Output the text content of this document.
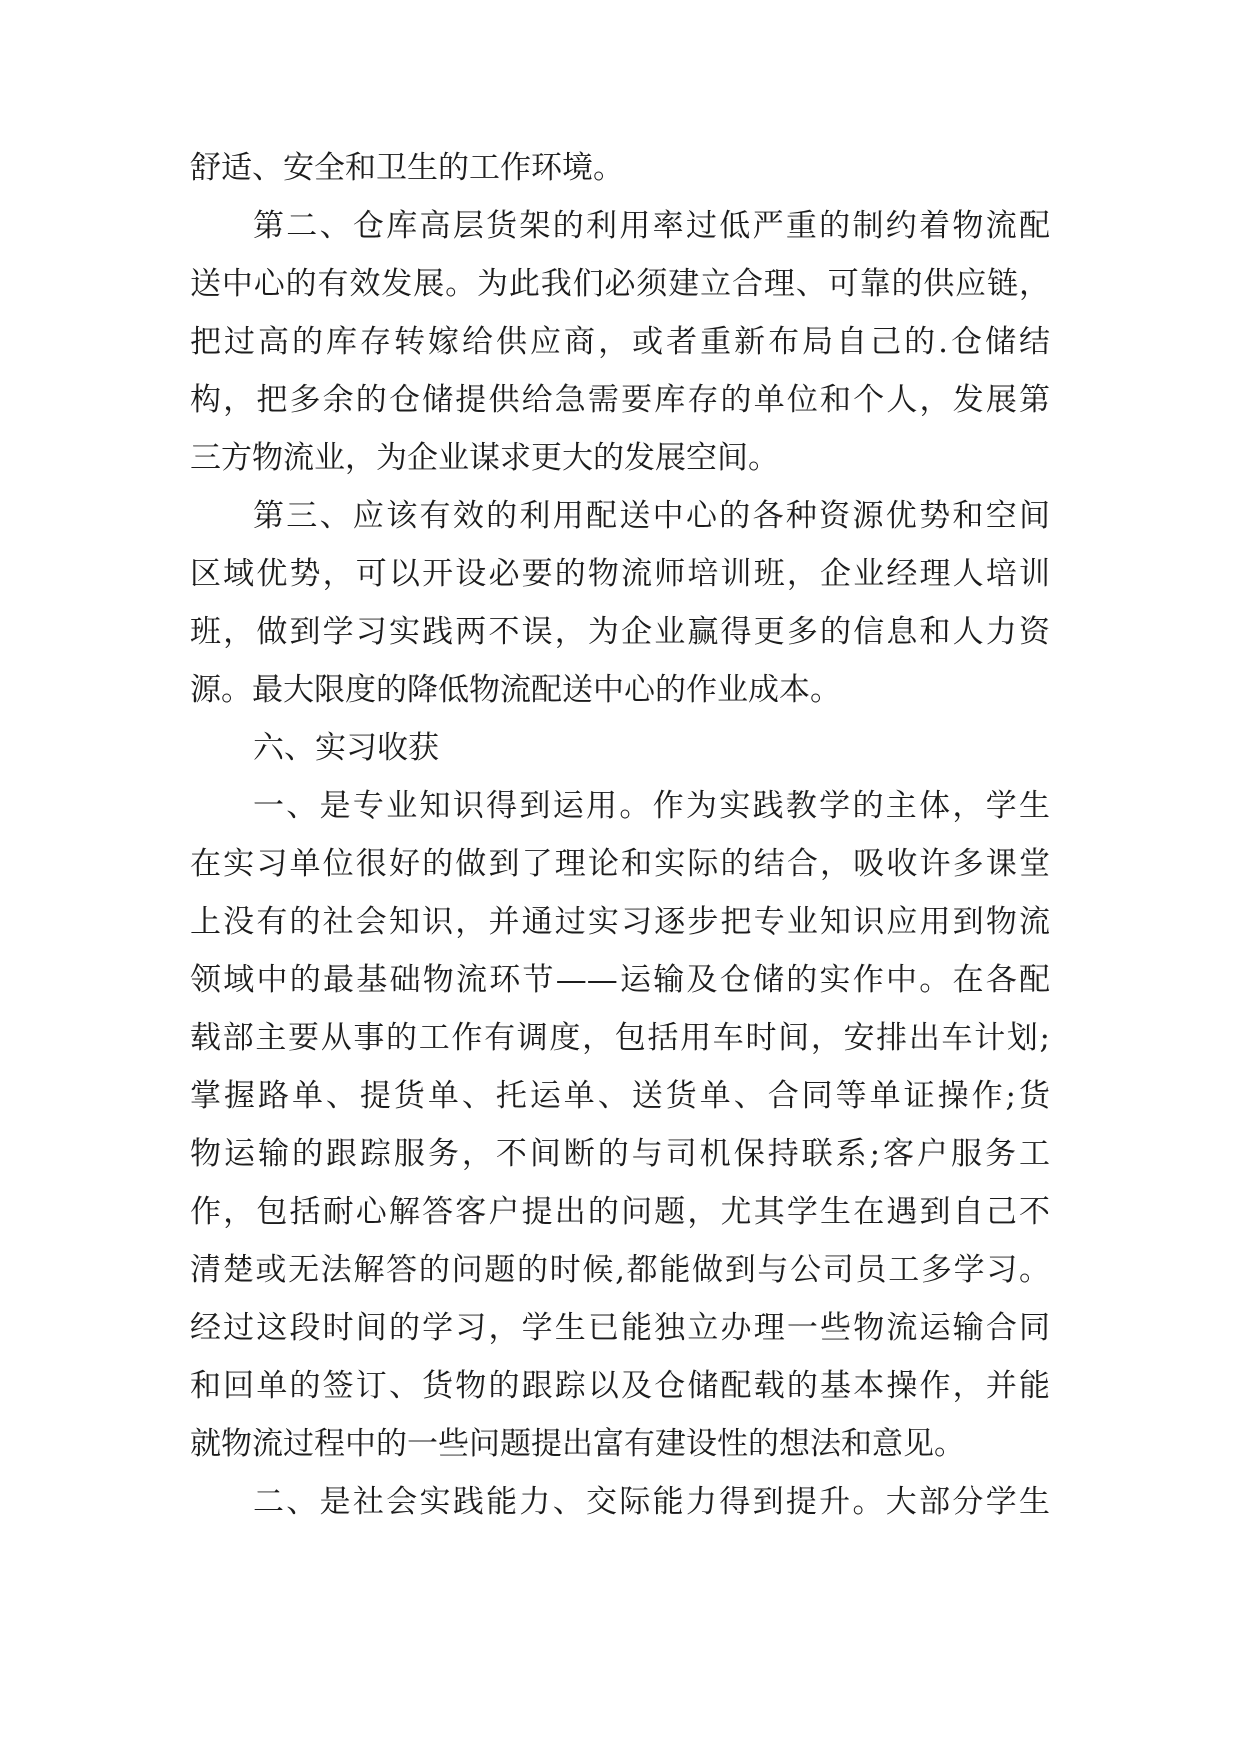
舒适、安全和卫生的工作环境。
第二、仓库高层货架的利用率过低严重的制约着物流配
送中心的有效发展。为此我们必须建立合理、可靠的供应链，
把过高的库存转嫁给供应商，或者重新布局自己的.仓储结
构，把多余的仓储提供给急需要库存的单位和个人，发展第
三方物流业，为企业谋求更大的发展空间。
第三、应该有效的利用配送中心的各种资源优势和空间
区域优势，可以开设必要的物流师培训班，企业经理人培训
班，做到学习实践两不误，为企业赢得更多的信息和人力资
源。最大限度的降低物流配送中心的作业成本。
六、实习收获
一、是专业知识得到运用。作为实践教学的主体，学生
在实习单位很好的做到了理论和实际的结合，吸收许多课堂
上没有的社会知识，并通过实习逐步把专业知识应用到物流
领域中的最基础物流环节——运输及仓储的实作中。在各配
载部主要从事的工作有调度，包括用车时间，安排出车计划;
掌握路单、提货单、托运单、送货单、合同等单证操作;货
物运输的跟踪服务，不间断的与司机保持联系;客户服务工
作，包括耐心解答客户提出的问题，尤其学生在遇到自己不
清楚或无法解答的问题的时候,都能做到与公司员工多学习。
经过这段时间的学习，学生已能独立办理一些物流运输合同
和回单的签订、货物的跟踪以及仓储配载的基本操作，并能
就物流过程中的一些问题提出富有建设性的想法和意见。
二、是社会实践能力、交际能力得到提升。大部分学生
